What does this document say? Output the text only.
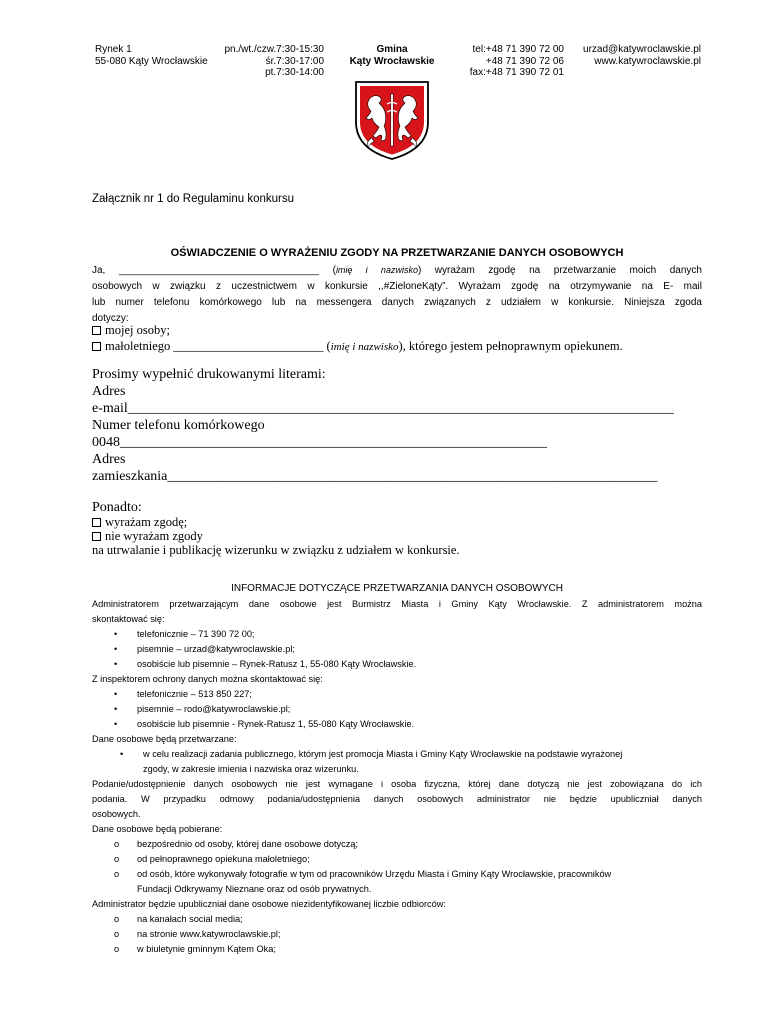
Rynek 1
55-080 Kąty Wrocławskie
pn./wt./czw.7:30-15:30
śr.7:30-17:00
pt.7:30-14:00
Gmina
Kąty Wrocławskie
tel:+48 71 390 72 00
+48 71 390 72 06
fax:+48 71 390 72 01
urzad@katywroclawskie.pl
www.katywroclawskie.pl
Załącznik nr 1 do Regulaminu konkursu
OŚWIADCZENIE O WYRAŻENIU ZGODY NA PRZETWARZANIE DANYCH OSOBOWYCH
Ja, ____________________________________ (imię i nazwisko) wyrażam zgodę na przetwarzanie moich danych
osobowych w związku z uczestnictwem w konkursie ,,#ZieloneKąty”. Wyrażam zgodę na otrzymywanie na E- mail
lub numer telefonu komórkowego lub na messengera danych związanych z udziałem w konkursie. Niniejsza zgoda
dotyczy:
mojej osoby;
małoletniego ________________________ (imię i nazwisko), którego jestem pełnoprawnym opiekunem.
Prosimy wypełnić drukowanymi literami:
Adres
e-mail______________________________________________________________________________
Numer telefonu komórkowego
0048_____________________________________________________________
Adres
zamieszkania______________________________________________________________________
Ponadto:
wyrażam zgodę;
nie wyrażam zgody
na utrwalanie i publikację wizerunku w związku z udziałem w konkursie.
INFORMACJE DOTYCZĄCE PRZETWARZANIA DANYCH OSOBOWYCH
Administratorem przetwarzającym dane osobowe jest Burmistrz Miasta i Gminy Kąty Wrocławskie. Z administratorem można
skontaktować się:
• telefonicznie – 71 390 72 00;
• pisemnie – urzad@katywroclawskie.pl;
• osobiście lub pisemnie – Rynek-Ratusz 1, 55-080 Kąty Wrocławskie.
Z inspektorem ochrony danych można skontaktować się:
• telefonicznie – 513 850 227;
• pisemnie – rodo@katywroclawskie.pl;
• osobiście lub pisemnie - Rynek-Ratusz 1, 55-080 Kąty Wrocławskie.
Dane osobowe będą przetwarzane:
• w celu realizacji zadania publicznego, którym jest promocja Miasta i Gminy Kąty Wrocławskie na podstawie wyrażonej
zgody, w zakresie imienia i nazwiska oraz wizerunku.
Podanie/udostępnienie danych osobowych nie jest wymagane i osoba fizyczna, której dane dotyczą nie jest zobowiązana do ich
podania. W przypadku odmowy podania/udostępnienia danych osobowych administrator nie będzie upubliczniał danych
osobowych.
Dane osobowe będą pobierane:
o bezpośrednio od osoby, której dane osobowe dotyczą;
o od pełnoprawnego opiekuna małoletniego;
o od osób, które wykonywały fotografie w tym od pracowników Urzędu Miasta i Gminy Kąty Wrocławskie, pracowników
Fundacji Odkrywamy Nieznane oraz od osób prywatnych.
Administrator będzie upubliczniał dane osobowe niezidentyfikowanej liczbie odbiorców:
o na kanałach social media;
o na stronie www.katywroclawskie.pl;
o w biuletynie gminnym Kątem Oka;
